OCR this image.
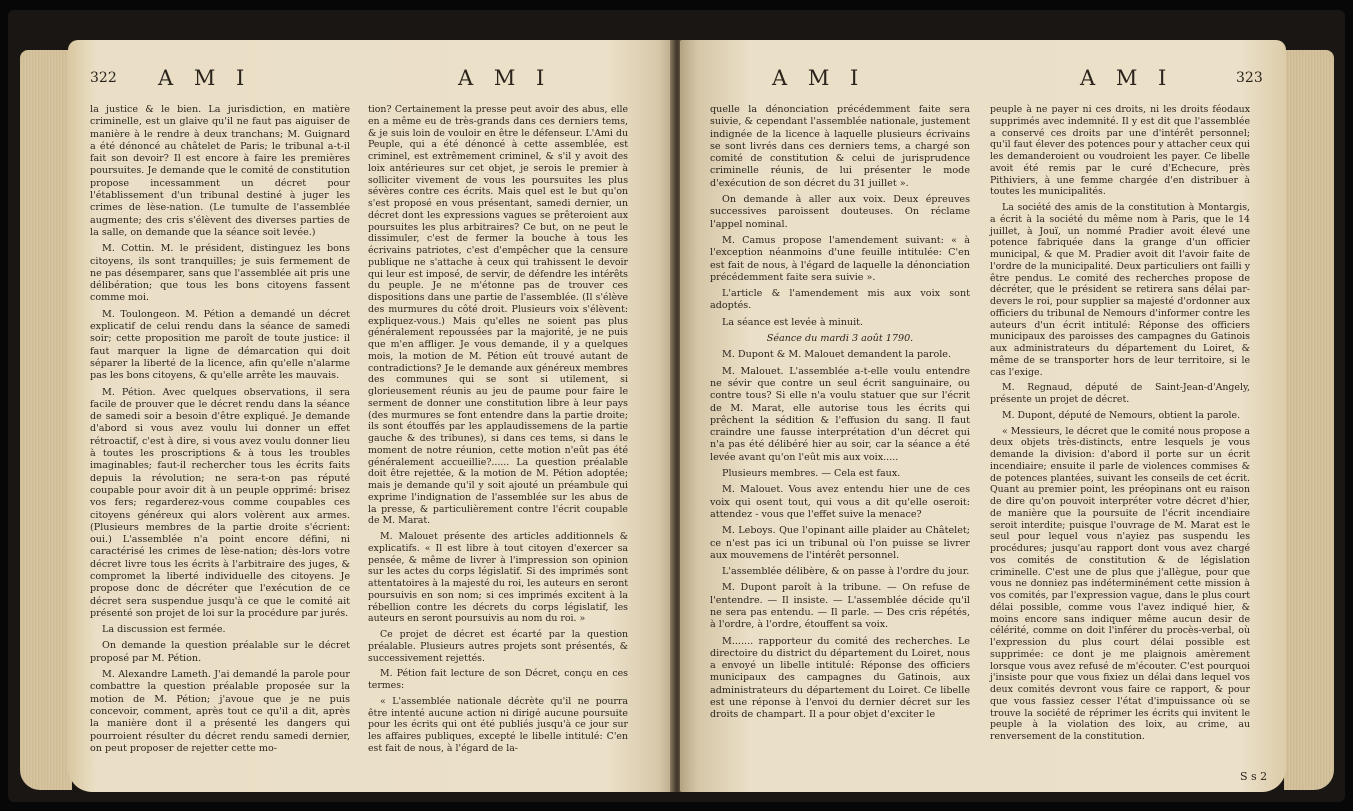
322 A M I	A M I

la justice & le bien. La jurisdiction, en matière criminelle, est un glaive qu'il ne faut pas aiguiser de manière à le rendre à deux tranchans; M. Guignard a été dénoncé au châtelet de Paris; le tribunal a-t-il fait son devoir? Il est encore à faire les premières poursuites. Je demande que le comité de constitution propose incessamment un décret pour l'établissement d'un tribunal destiné à juger les crimes de lèse-nation. (Le tumulte de l'assemblée augmente; des cris s'élèvent des diverses parties de la salle, on demande que la séance soit levée.)

M. Cottin. M. le président, distinguez les bons citoyens, ils sont tranquilles; je suis fermement de ne pas désemparer, sans que l'assemblée ait pris une délibération; que tous les bons citoyens fassent comme moi.

M. Toulongeon. M. Pétion a demandé un décret explicatif de celui rendu dans la séance de samedi soir; cette proposition me paroît de toute justice: il faut marquer la ligne de démarcation qui doit séparer la liberté de la licence, afin qu'elle n'alarme pas les bons citoyens, & qu'elle arrête les mauvais.

M. Pétion. Avec quelques observations, il sera facile de prouver que le décret rendu dans la séance de samedi soir a besoin d'être expliqué. Je demande d'abord si vous avez voulu lui donner un effet rétroactif, c'est à dire, si vous avez voulu donner lieu à toutes les proscriptions & à tous les troubles imaginables; faut-il rechercher tous les écrits faits depuis la révolution; ne sera-t-on pas réputé coupable pour avoir dit à un peuple opprimé: brisez vos fers; regarderez-vous comme coupables ces citoyens généreux qui alors volèrent aux armes. (Plusieurs membres de la partie droite s'écrient: oui.) L'assemblée n'a point encore défini, ni caractérisé les crimes de lèse-nation; dès-lors votre décret livre tous les écrits à l'arbitraire des juges, & compromet la liberté individuelle des citoyens. Je propose donc de décréter que l'exécution de ce décret sera suspendue jusqu'à ce que le comité ait présenté son projet de loi sur la procédure par jurés.

La discussion est fermée.

On demande la question préalable sur le décret proposé par M. Pétion.

M. Alexandre Lameth. J'ai demandé la parole pour combattre la question préalable proposée sur la motion de M. Pétion; j'avoue que je ne puis concevoir, comment, après tout ce qu'il a dit, après la manière dont il a présenté les dangers qui pourroient résulter du décret rendu samedi dernier, on peut proposer de rejetter cette mo-

tion? Certainement la presse peut avoir des abus, elle en a même eu de très-grands dans ces derniers tems, & je suis loin de vouloir en être le défenseur. L'Ami du Peuple, qui a été dénoncé à cette assemblée, est criminel, est extrêmement criminel, & s'il y avoit des loix antérieures sur cet objet, je serois le premier à solliciter vivement de vous les poursuites les plus sévères contre ces écrits. Mais quel est le but qu'on s'est proposé en vous présentant, samedi dernier, un décret dont les expressions vagues se prêteroient aux poursuites les plus arbitraires? Ce but, on ne peut le dissimuler, c'est de fermer la bouche à tous les écrivains patriotes, c'est d'empêcher que la censure publique ne s'attache à ceux qui trahissent le devoir qui leur est imposé, de servir, de défendre les intérêts du peuple. Je ne m'étonne pas de trouver ces dispositions dans une partie de l'assemblée. (Il s'élève des murmures du côté droit. Plusieurs voix s'élèvent: expliquez-vous.) Mais qu'elles ne soient pas plus généralement repoussées par la majorité, je ne puis que m'en affliger. Je vous demande, il y a quelques mois, la motion de M. Pétion eût trouvé autant de contradictions? Je le demande aux généreux membres des communes qui se sont si utilement, si glorieusement réunis au jeu de paume pour faire le serment de donner une constitution libre à leur pays (des murmures se font entendre dans la partie droite; ils sont étouffés par les applaudissemens de la partie gauche & des tribunes), si dans ces tems, si dans le moment de notre réunion, cette motion n'eût pas été généralement accueillie?...... La question préalable doit être rejettée, & la motion de M. Pétion adoptée; mais je demande qu'il y soit ajouté un préambule qui exprime l'indignation de l'assemblée sur les abus de la presse, & particulièrement contre l'écrit coupable de M. Marat.

M. Malouet présente des articles additionnels & explicatifs. « Il est libre à tout citoyen d'exercer sa pensée, & même de livrer à l'impression son opinion sur les actes du corps législatif. Si des imprimés sont attentatoires à la majesté du roi, les auteurs en seront poursuivis en son nom; si ces imprimés excitent à la rébellion contre les décrets du corps législatif, les auteurs en seront poursuivis au nom du roi. »

Ce projet de décret est écarté par la question préalable. Plusieurs autres projets sont présentés, & successivement rejettés.

M. Pétion fait lecture de son Décret, conçu en ces termes:

« L'assemblée nationale décrète qu'il ne pourra être intenté aucune action ni dirigé aucune poursuite pour les écrits qui ont été publiés jusqu'à ce jour sur les affaires publiques, excepté le libelle intitulé: C'en est fait de nous, à l'égard de la-

A M I	A M I	323

quelle la dénonciation précédemment faite sera suivie, & cependant l'assemblée nationale, justement indignée de la licence à laquelle plusieurs écrivains se sont livrés dans ces derniers tems, a chargé son comité de constitution & celui de jurisprudence criminelle réunis, de lui présenter le mode d'exécution de son décret du 31 juillet ».

On demande à aller aux voix. Deux épreuves successives paroissent douteuses. On réclame l'appel nominal.

M. Camus propose l'amendement suivant: « à l'exception néanmoins d'une feuille intitulée: C'en est fait de nous, à l'égard de laquelle la dénonciation précédemment faite sera suivie ».

L'article & l'amendement mis aux voix sont adoptés.

La séance est levée à minuit.

Séance du mardi 3 août 1790.

M. Dupont & M. Malouet demandent la parole.

M. Malouet. L'assemblée a-t-elle voulu entendre ne sévir que contre un seul écrit sanguinaire, ou contre tous? Si elle n'a voulu statuer que sur l'écrit de M. Marat, elle autorise tous les écrits qui prêchent la sédition & l'effusion du sang. Il faut craindre une fausse interprétation d'un décret qui n'a pas été délibéré hier au soir, car la séance a été levée avant qu'on l'eût mis aux voix.....

Plusieurs membres. — Cela est faux.

M. Malouet. Vous avez entendu hier une de ces voix qui osent tout, qui vous a dit qu'elle oseroit: attendez - vous que l'effet suive la menace?

M. Leboys. Que l'opinant aille plaider au Châtelet; ce n'est pas ici un tribunal où l'on puisse se livrer aux mouvemens de l'intérêt personnel.

L'assemblée délibère, & on passe à l'ordre du jour.

M. Dupont paroît à la tribune. — On refuse de l'entendre. — Il insiste. — L'assemblée décide qu'il ne sera pas entendu. — Il parle. — Des cris répétés, à l'ordre, à l'ordre, étouffent sa voix.

M....... rapporteur du comité des recherches. Le directoire du district du département du Loiret, nous a envoyé un libelle intitulé: Réponse des officiers municipaux des campagnes du Gatinois, aux administrateurs du département du Loiret. Ce libelle est une réponse à l'envoi du dernier décret sur les droits de champart. Il a pour objet d'exciter le

peuple à ne payer ni ces droits, ni les droits féodaux supprimés avec indemnité. Il y est dit que l'assemblée a conservé ces droits par une d'intérêt personnel; qu'il faut élever des potences pour y attacher ceux qui les demanderoient ou voudroient les payer. Ce libelle avoit été remis par le curé d'Echecure, près Pithiviers, à une femme chargée d'en distribuer à toutes les municipalités.

La société des amis de la constitution à Montargis, a écrit à la société du même nom à Paris, que le 14 juillet, à Jouï, un nommé Pradier avoit élevé une potence fabriquée dans la grange d'un officier municipal, & que M. Pradier avoit dit l'avoir faite de l'ordre de la municipalité. Deux particuliers ont failli y être pendus. Le comité des recherches propose de décréter, que le président se retirera sans délai par-devers le roi, pour supplier sa majesté d'ordonner aux officiers du tribunal de Nemours d'informer contre les auteurs d'un écrit intitulé: Réponse des officiers municipaux des paroisses des campagnes du Gatinois aux administrateurs du département du Loiret, & même de se transporter hors de leur territoire, si le cas l'exige.

M. Regnaud, député de Saint-Jean-d'Angely, présente un projet de décret.

M. Dupont, député de Nemours, obtient la parole.

« Messieurs, le décret que le comité nous propose a deux objets très-distincts, entre lesquels je vous demande la division: d'abord il porte sur un écrit incendiaire; ensuite il parle de violences commises & de potences plantées, suivant les conseils de cet écrit. Quant au premier point, les préopinans ont eu raison de dire qu'on pouvoit interpréter votre décret d'hier, de manière que la poursuite de l'écrit incendiaire seroit interdite; puisque l'ouvrage de M. Marat est le seul pour lequel vous n'ayiez pas suspendu les procédures; jusqu'au rapport dont vous avez chargé vos comités de constitution & de législation criminelle. C'est une de plus que j'allègue, pour que vous ne donniez pas indéterminément cette mission à vos comités, par l'expression vague, dans le plus court délai possible, comme vous l'avez indiqué hier, & moins encore sans indiquer même aucun desir de célérité, comme on doit l'inférer du procès-verbal, où l'expression du plus court délai possible est supprimée: ce dont je me plaignois amèrement lorsque vous avez refusé de m'écouter. C'est pourquoi j'insiste pour que vous fixiez un délai dans lequel vos deux comités devront vous faire ce rapport, & pour que vous fassiez cesser l'état d'impuissance où se trouve la société de réprimer les écrits qui invitent le peuple à la violation des loix, au crime, au renversement de la constitution.

S s 2
